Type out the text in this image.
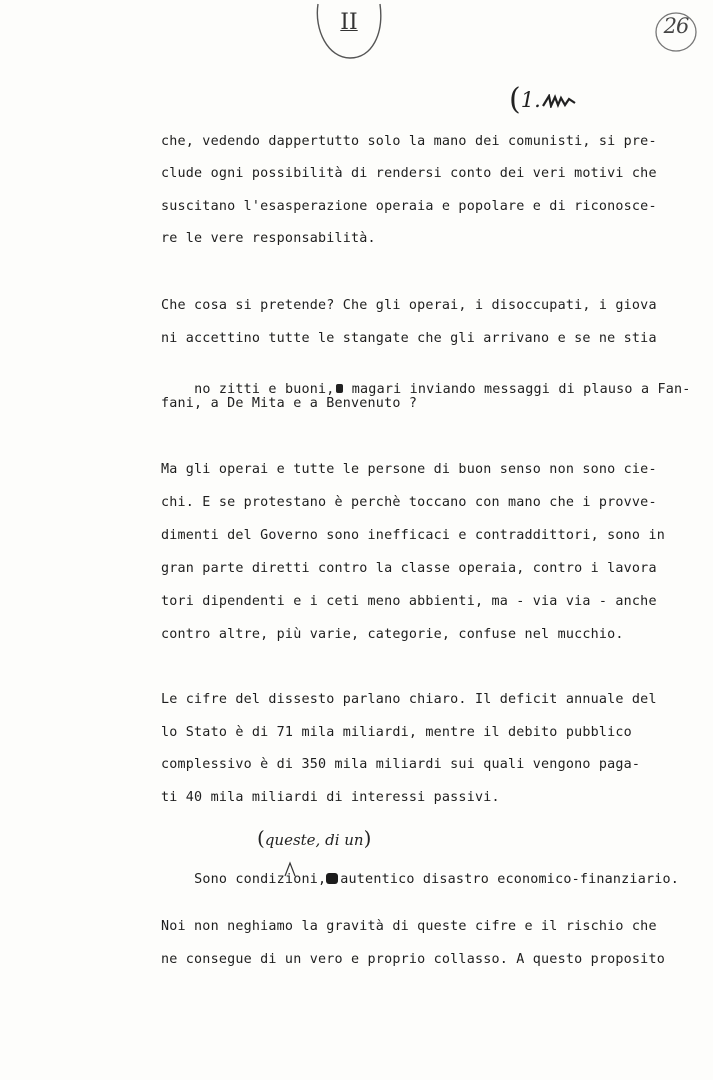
II	26
(1.
che, vedendo dappertutto solo la mano dei comunisti, si pre-
clude ogni possibilità di rendersi conto dei veri motivi che
suscitano l'esasperazione operaia e popolare e di riconosce-
re le vere responsabilità.
Che cosa si pretende? Che gli operai, i disoccupati, i giova
ni accettino tutte le stangate che gli arrivano e se ne stia

no zitti e buoni, magari inviando messaggi di plauso a Fan-

fani, a De Mita e a Benvenuto ?
Ma gli operai e tutte le persone di buon senso non sono cie-
chi. E se protestano è perchè toccano con mano che i provve-
dimenti del Governo sono inefficaci e contraddittori, sono in
gran parte diretti contro la classe operaia, contro i lavora
tori dipendenti e i ceti meno abbienti, ma - via via - anche
contro altre, più varie, categorie, confuse nel mucchio.
Le cifre del dissesto parlano chiaro. Il deficit annuale del
lo Stato è di 71 mila miliardi, mentre il debito pubblico
complessivo è di 350 mila miliardi sui quali vengono paga-
ti 40 mila miliardi di interessi passivi.
(queste, di un)

Sono condizioni, autentico disastro economico-finanziario.

Noi non neghiamo la gravità di queste cifre e il rischio che
ne consegue di un vero e proprio collasso. A questo proposito
